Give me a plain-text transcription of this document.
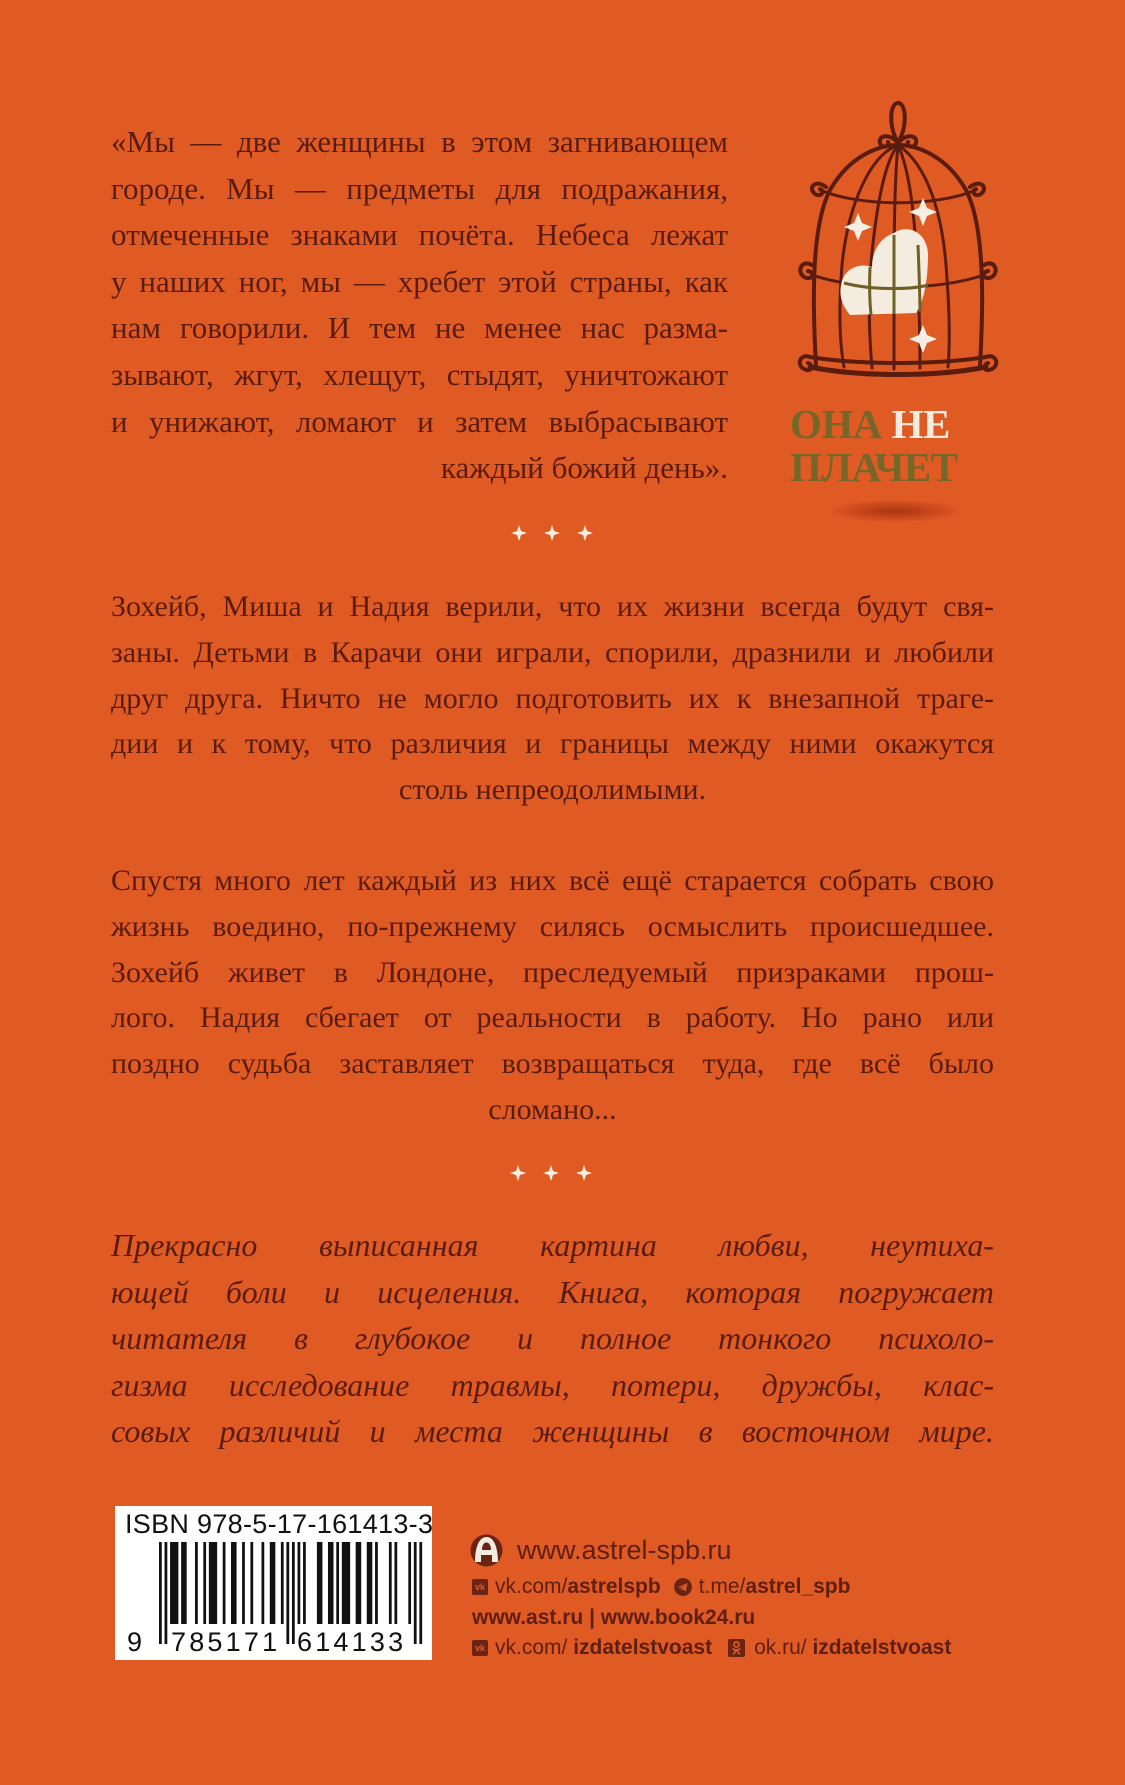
«Мы — две женщины в этом загнивающем
городе. Мы — предметы для подражания,
отмеченные знаками почёта. Небеса лежат
у наших ног, мы — хребет этой страны, как
нам говорили. И тем не менее нас разма-
зывают, жгут, хлещут, стыдят, уничтожают
и унижают, ломают и затем выбрасывают
каждый божий день».
ОНА НЕ
ПЛАЧЕТ
Зохейб, Миша и Надия верили, что их жизни всегда будут свя-
заны. Детьми в Карачи они играли, спорили, дразнили и любили
друг друга. Ничто не могло подготовить их к внезапной траге-
дии и к тому, что различия и границы между ними окажутся
столь непреодолимыми.
Спустя много лет каждый из них всё ещё старается собрать свою
жизнь воедино, по-прежнему силясь осмыслить происшедшее.
Зохейб живет в Лондоне, преследуемый призраками прош-
лого. Надия сбегает от реальности в работу. Но рано или
поздно судьба заставляет возвращаться туда, где всё было
сломано...
Прекрасно выписанная картина любви, неутиха-
ющей боли и исцеления. Книга, которая погружает
читателя в глубокое и полное тонкого психоло-
гизма исследование травмы, потери, дружбы, клас-
совых различий и места женщины в восточном мире.
ISBN 978-5-17-161413-3
9 785171 614133
www.astrel-spb.ru
vk vk.com/astrelspb t.me/astrel_spb
www.ast.ru | www.book24.ru
vk vk.com/ izdatelstvoast ok.ru/ izdatelstvoast
